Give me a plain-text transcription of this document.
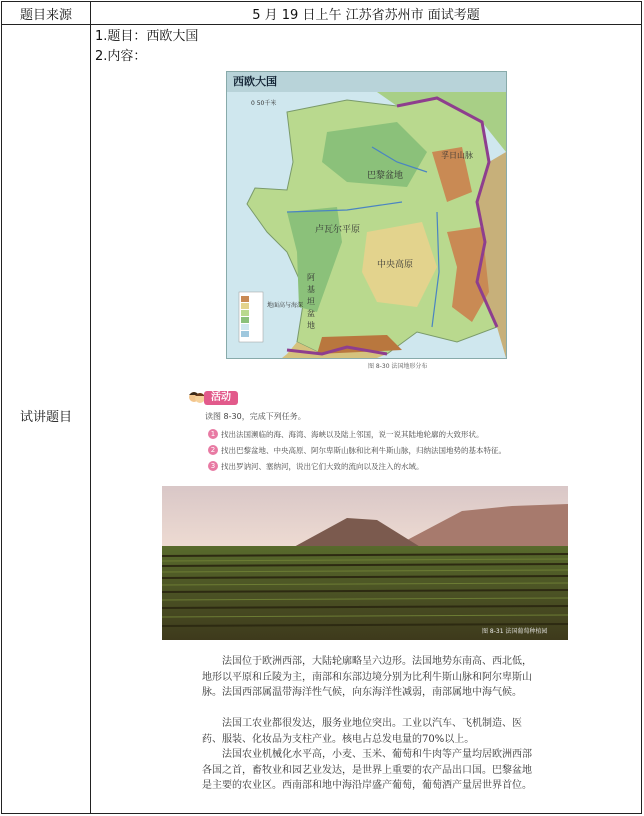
题目来源	5 月 19 日上午 江苏省苏州市 面试考题
试讲题目
1.题目：西欧大国
2.内容：
西欧大国
巴黎盆地
卢瓦尔平原
中央高原
阿基坦盆地
孚日山脉
地面高与海深
0 50千米
图 8-30 法国地形分布
活动
读图 8-30，完成下列任务。
1 找出法国濒临的海、海湾、海峡以及陆上邻国，说一说其陆地轮廓的大致形状。
2 找出巴黎盆地、中央高原、阿尔卑斯山脉和比利牛斯山脉，归纳法国地势的基本特征。
3 找出罗讷河、塞纳河，说出它们大致的流向以及注入的水域。
图 8-31 法国葡萄种植园
法国位于欧洲西部，大陆轮廓略呈六边形。法国地势东南高、西北低，地形以平原和丘陵为主，南部和东部边境分别为比利牛斯山脉和阿尔卑斯山脉。法国西部属温带海洋性气候，向东海洋性减弱，南部属地中海气候。
法国工农业都很发达，服务业地位突出。工业以汽车、飞机制造、医药、服装、化妆品为支柱产业。核电占总发电量的70%以上。
法国农业机械化水平高，小麦、玉米、葡萄和牛肉等产量均居欧洲西部各国之首，畜牧业和园艺业发达，是世界上重要的农产品出口国。巴黎盆地是主要的农业区。西南部和地中海沿岸盛产葡萄，葡萄酒产量居世界首位。
